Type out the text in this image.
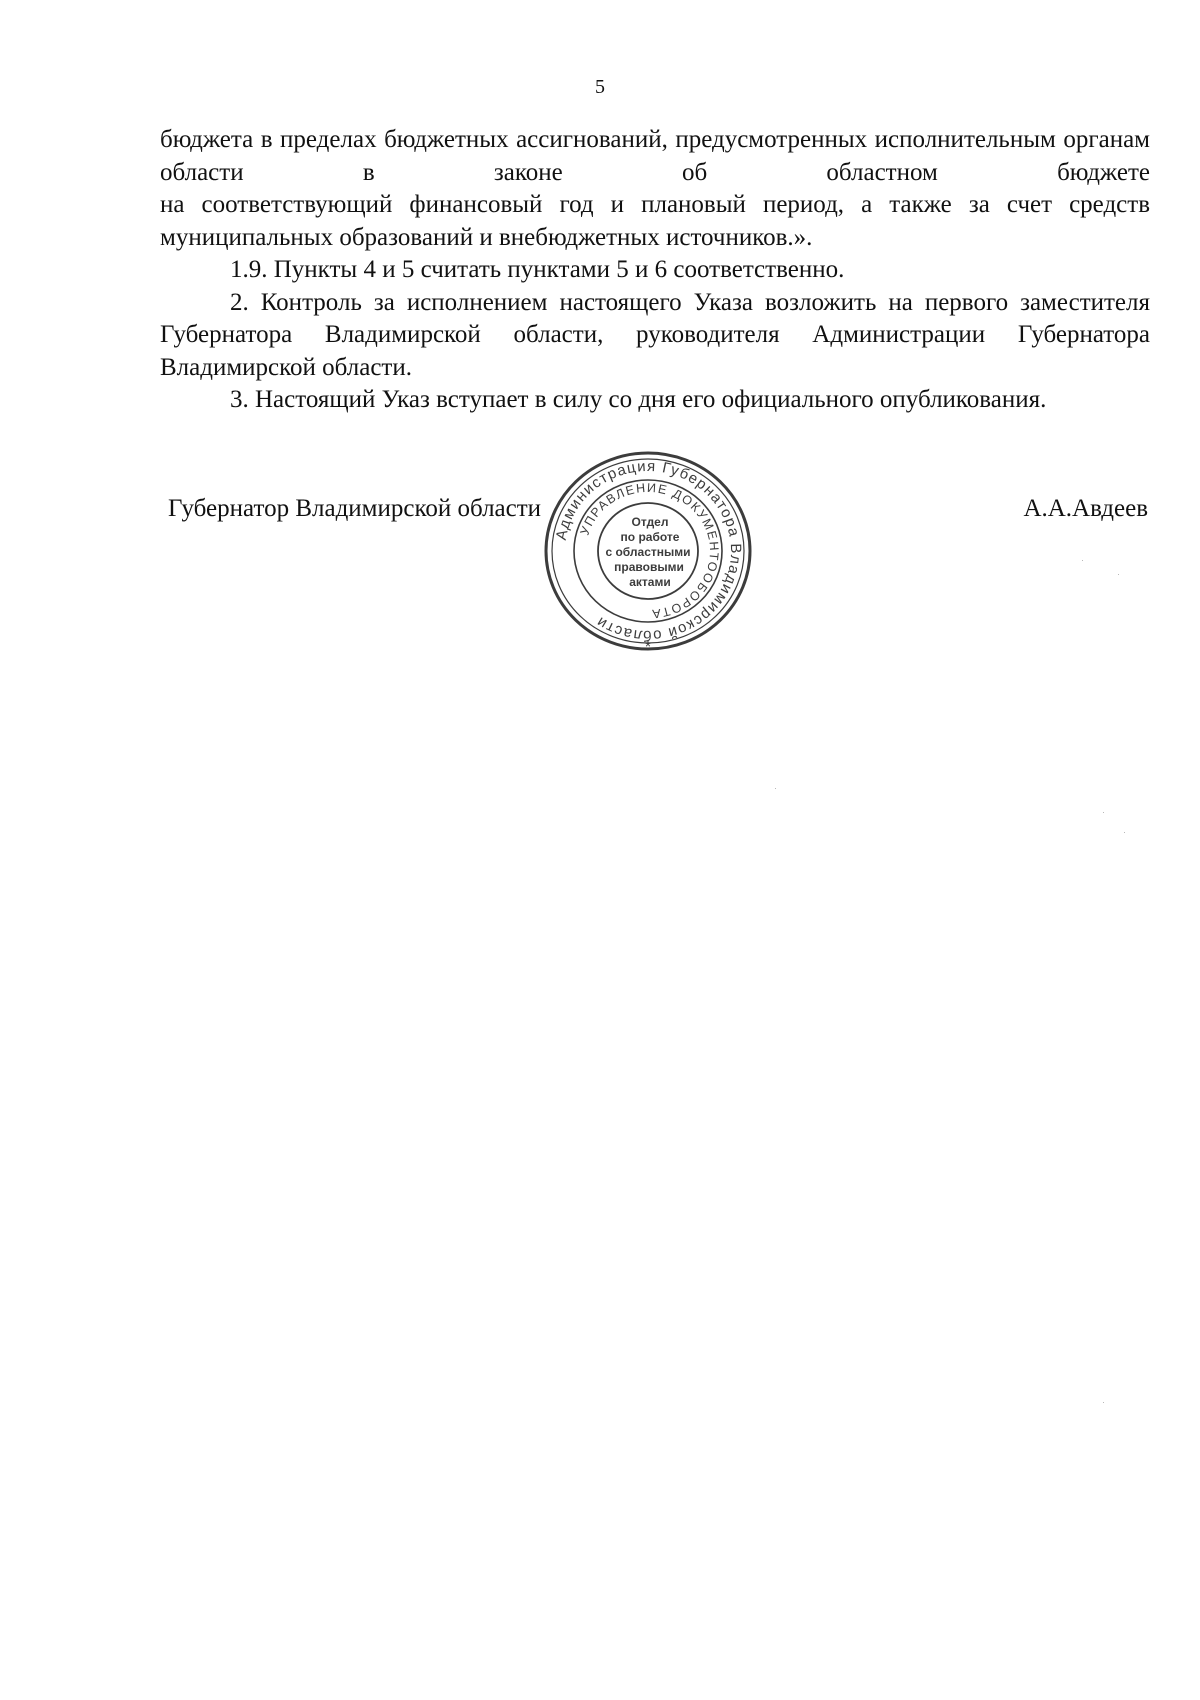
5

бюджета в пределах бюджетных ассигнований, предусмотренных исполнительным органам области в законе об областном бюджете

на соответствующий финансовый год и плановый период, а также за счет средств муниципальных образований и внебюджетных источников.».

1.9. Пункты 4 и 5 считать пунктами 5 и 6 соответственно.

2. Контроль за исполнением настоящего Указа возложить на первого заместителя Губернатора Владимирской области, руководителя Администрации Губернатора Владимирской области.

3. Настоящий Указ вступает в силу со дня его официального опубликования.

Губернатор Владимирской области	А.А.Авдеев
Администрация Губернатора Владимирской области
УПРАВЛЕНИЕ ДОКУМЕНТООБОРОТА
*
Отдел
по работе
с областными
правовыми
актами
